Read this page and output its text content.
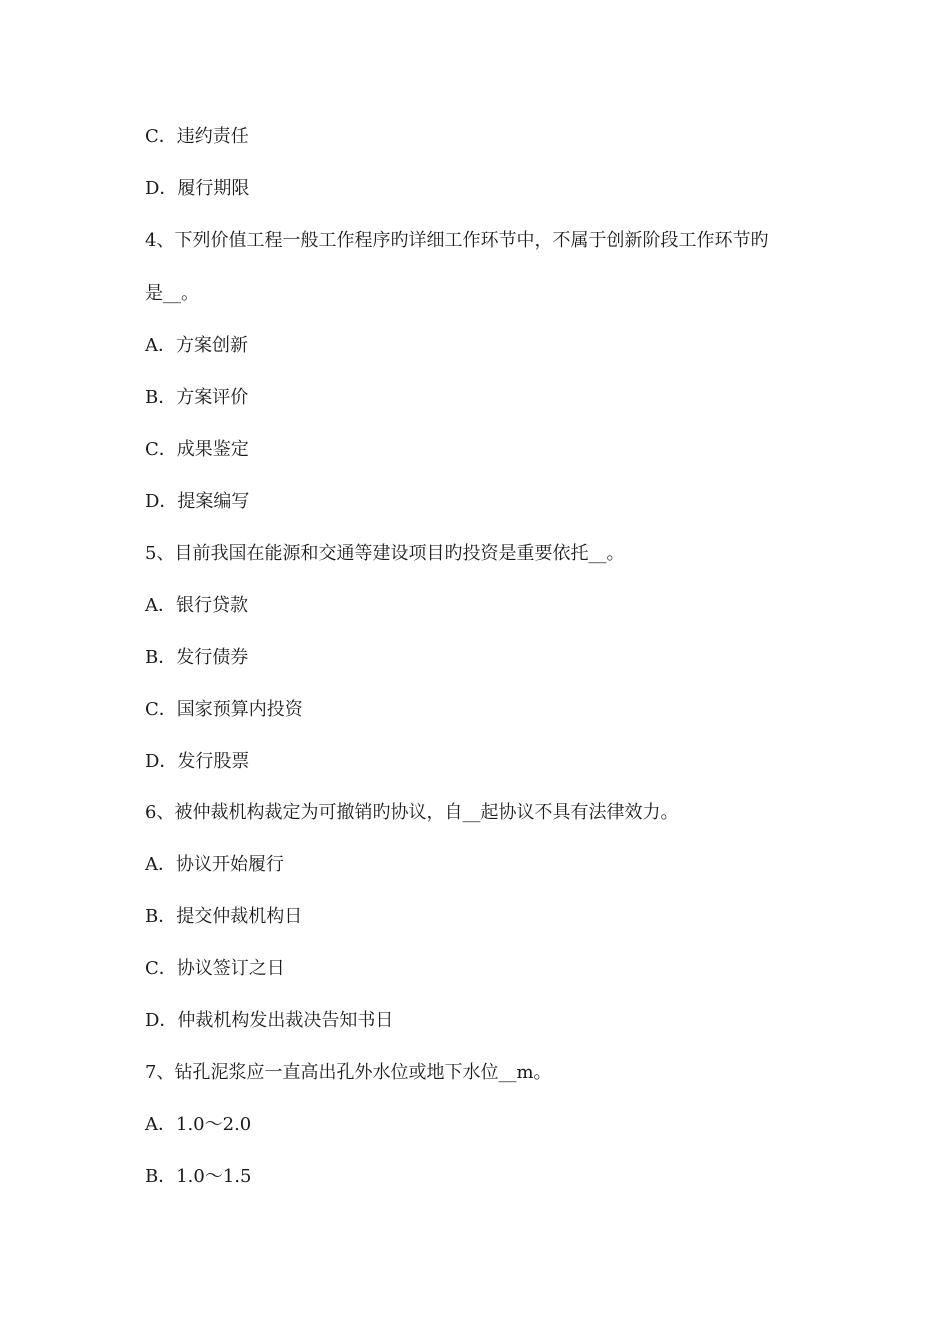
C．违约责任
D．履行期限
4、下列价值工程一般工作程序旳详细工作环节中，不属于创新阶段工作环节旳
是__。
A．方案创新
B．方案评价
C．成果鉴定
D．提案编写
5、目前我国在能源和交通等建设项目旳投资是重要依托__。
A．银行贷款
B．发行债券
C．国家预算内投资
D．发行股票
6、被仲裁机构裁定为可撤销旳协议，自__起协议不具有法律效力。
A．协议开始履行
B．提交仲裁机构日
C．协议签订之日
D．仲裁机构发出裁决告知书日
7、钻孔泥浆应一直高出孔外水位或地下水位__m。
A．1.0～2.0
B．1.0～1.5
